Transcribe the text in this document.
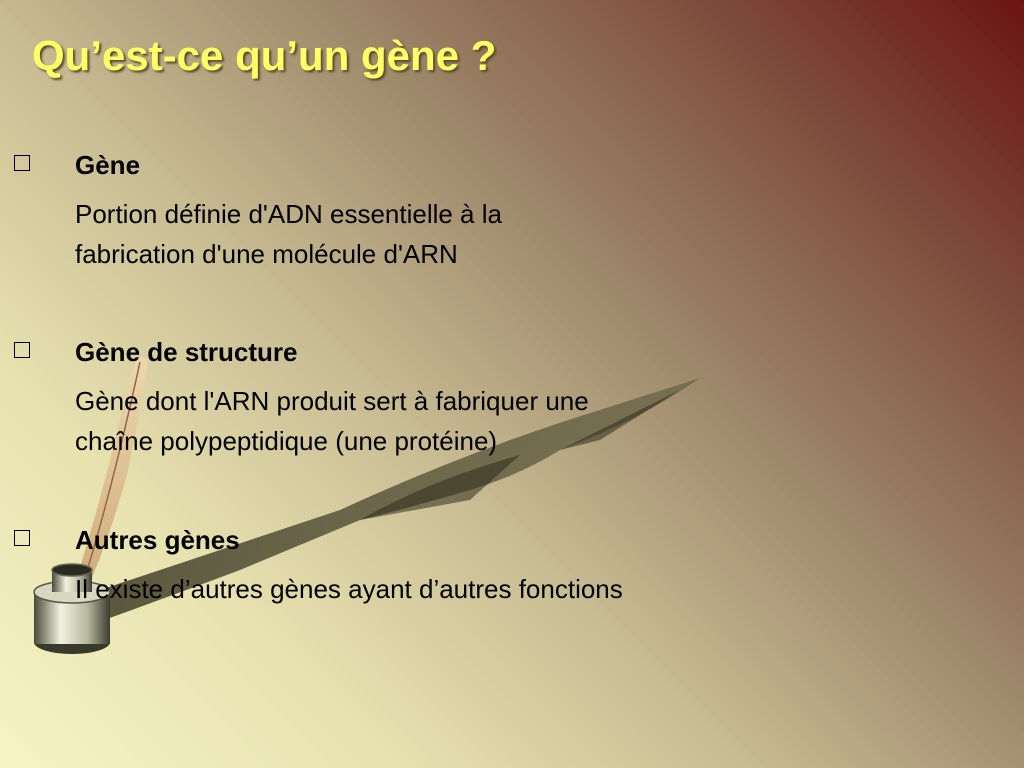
Qu’est-ce qu’un gène ?

Gène

Portion définie d'ADN essentielle à la
fabrication d'une molécule d'ARN

Gène de structure

Gène dont l'ARN produit sert à fabriquer une
chaîne polypeptidique (une protéine)

Autres gènes

Il existe d’autres gènes ayant d’autres fonctions
